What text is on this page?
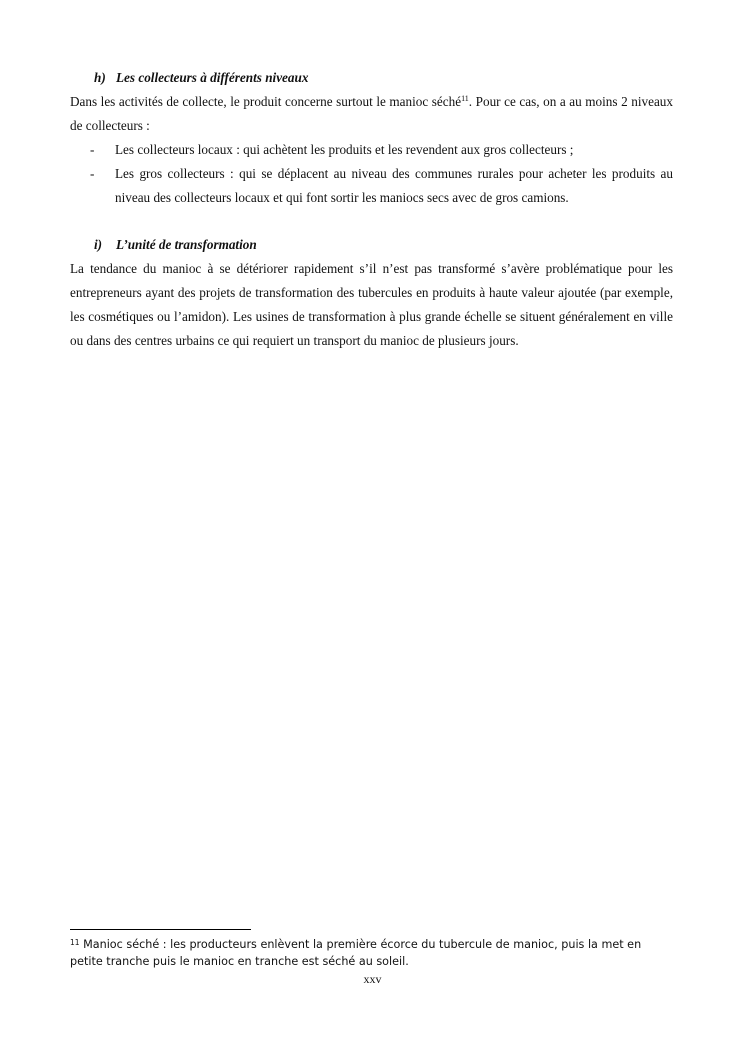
h) Les collecteurs à différents niveaux

Dans les activités de collecte, le produit concerne surtout le manioc séché$^{11}$. Pour ce cas, on a au moins 2 niveaux de collecteurs :

- Les collecteurs locaux : qui achètent les produits et les revendent aux gros collecteurs ;
- Les gros collecteurs : qui se déplacent au niveau des communes rurales pour acheter les produits au niveau des collecteurs locaux et qui font sortir les maniocs secs avec de gros camions.
i) L’unité de transformation

La tendance du manioc à se détériorer rapidement s’il n’est pas transformé s’avère problématique pour les entrepreneurs ayant des projets de transformation des tubercules en produits à haute valeur ajoutée (par exemple, les cosmétiques ou l’amidon). Les usines de transformation à plus grande échelle se situent généralement en ville ou dans des centres urbains ce qui requiert un transport du manioc de plusieurs jours.

$^{11}$ Manioc séché : les producteurs enlèvent la première écorce du tubercule de manioc, puis la met en petite tranche puis le manioc en tranche est séché au soleil.

xxv
